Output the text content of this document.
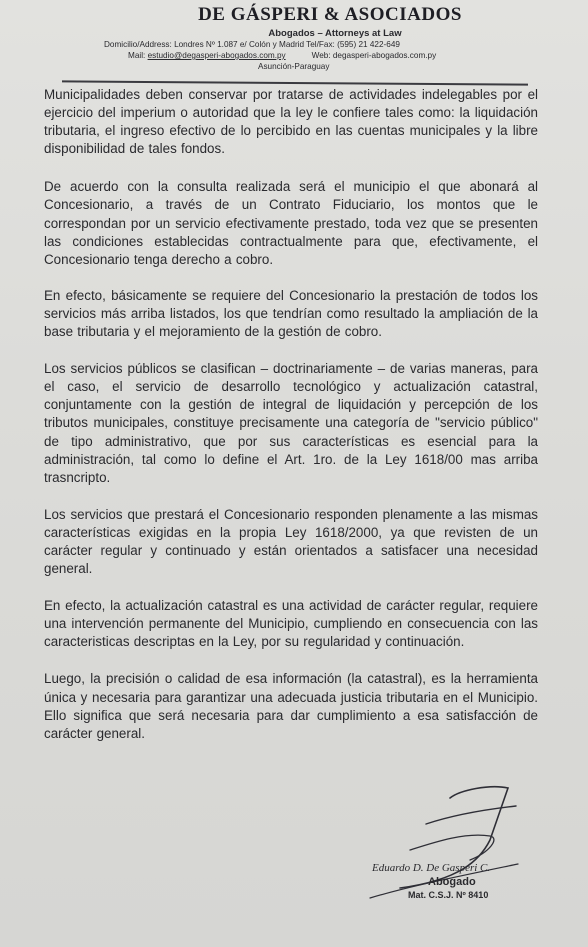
DE GÁSPERI & ASOCIADOS
Abogados – Attorneys at Law
Domicilio/Address: Londres Nº 1.087 e/ Colón y Madrid Tel/Fax: (595) 21 422-649
Mail: estudio@degasperi-abogados.com.py	Web: degasperi-abogados.com.py
Asunción-Paraguay

Municipalidades deben conservar por tratarse de actividades indelegables por el ejercicio del imperium o autoridad que la ley le confiere tales como: la liquidación tributaria, el ingreso efectivo de lo percibido en las cuentas municipales y la libre disponibilidad de tales fondos.

De acuerdo con la consulta realizada será el municipio el que abonará al Concesionario, a través de un Contrato Fiduciario, los montos que le correspondan por un servicio efectivamente prestado, toda vez que se presenten las condiciones establecidas contractualmente para que, efectivamente, el Concesionario tenga derecho a cobro.

En efecto, básicamente se requiere del Concesionario la prestación de todos los servicios más arriba listados, los que tendrían como resultado la ampliación de la base tributaria y el mejoramiento de la gestión de cobro.

Los servicios públicos se clasifican – doctrinariamente – de varias maneras, para el caso, el servicio de desarrollo tecnológico y actualización catastral, conjuntamente con la gestión de integral de liquidación y percepción de los tributos municipales, constituye precisamente una categoría de "servicio público" de tipo administrativo, que por sus características es esencial para la administración, tal como lo define el Art. 1ro. de la Ley 1618/00 mas arriba trasncripto.

Los servicios que prestará el Concesionario responden plenamente a las mismas características exigidas en la propia Ley 1618/2000, ya que revisten de un carácter regular y continuado y están orientados a satisfacer una necesidad general.

En efecto, la actualización catastral es una actividad de carácter regular, requiere una intervención permanente del Municipio, cumpliendo en consecuencia con las caracteristicas descriptas en la Ley, por su regularidad y continuación.

Luego, la precisión o calidad de esa información (la catastral), es la herramienta única y necesaria para garantizar una adecuada justicia tributaria en el Municipio. Ello significa que será necesaria para dar cumplimiento a esa satisfacción de carácter general.

Eduardo D. De Gasperi C.
Abogado
Mat. C.S.J. Nº 8410
